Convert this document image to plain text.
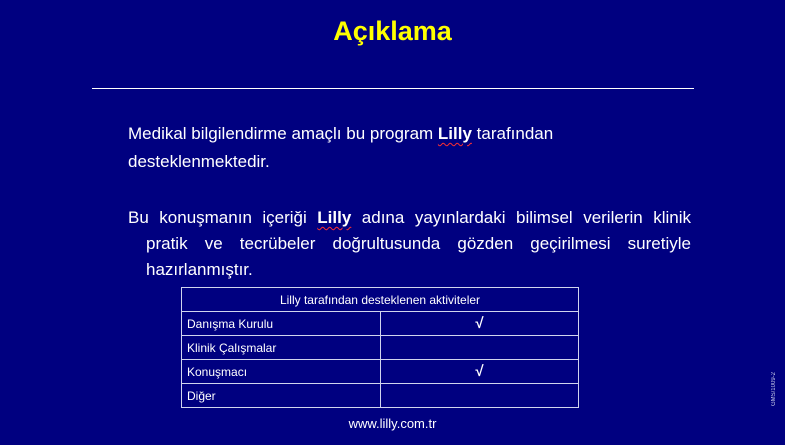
Açıklama
Medikal bilgilendirme amaçlı bu program Lilly tarafından desteklenmektedir.
Bu konuşmanın içeriği Lilly adına yayınlardaki bilimsel verilerin klinik pratik ve tecrübeler doğrultusunda gözden geçirilmesi suretiyle hazırlanmıştır.
Lilly tarafından desteklenen aktiviteler	
Danışma Kurulu	√
Klinik Çalışmalar	
Konuşmacı	√
Diğer	
www.lilly.com.tr
GMS/1009-2
